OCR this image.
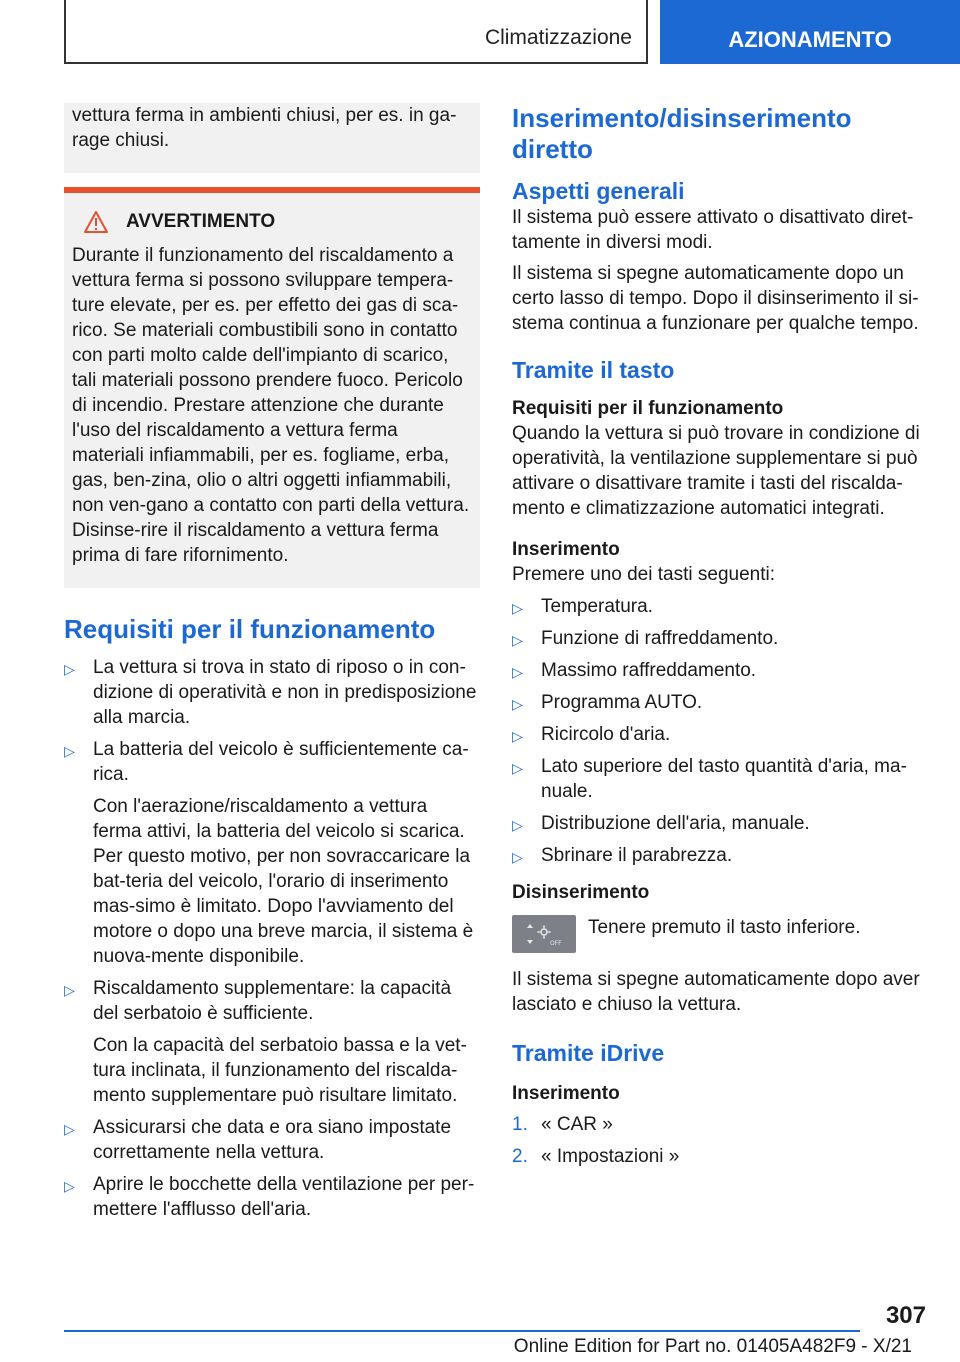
Climatizzazione	AZIONAMENTO

vettura ferma in ambienti chiusi, per es. in ga-rage chiusi.

AVVERTIMENTO

Durante il funzionamento del riscaldamento a vettura ferma si possono sviluppare tempera-ture elevate, per es. per effetto dei gas di sca-rico. Se materiali combustibili sono in contatto con parti molto calde dell'impianto di scarico, tali materiali possono prendere fuoco. Pericolo di incendio. Prestare attenzione che durante l'uso del riscaldamento a vettura ferma materiali infiammabili, per es. fogliame, erba, gas, ben-zina, olio o altri oggetti infiammabili, non ven-gano a contatto con parti della vettura. Disinse-rire il riscaldamento a vettura ferma prima di fare rifornimento.

Requisiti per il funzionamento
▷ La vettura si trova in stato di riposo o in con-dizione di operatività e non in predisposizione alla marcia.

▷ La batteria del veicolo è sufficientemente ca-rica.

Con l'aerazione/riscaldamento a vettura ferma attivi, la batteria del veicolo si scarica. Per questo motivo, per non sovraccaricare la bat-teria del veicolo, l'orario di inserimento mas-simo è limitato. Dopo l'avviamento del motore o dopo una breve marcia, il sistema è nuova-mente disponibile.

▷ Riscaldamento supplementare: la capacità del serbatoio è sufficiente.

Con la capacità del serbatoio bassa e la vet-tura inclinata, il funzionamento del riscalda-mento supplementare può risultare limitato.

▷ Assicurarsi che data e ora siano impostate correttamente nella vettura.

▷ Aprire le bocchette della ventilazione per per-mettere l'afflusso dell'aria.

Inserimento/disinserimento diretto
Aspetti generali

Il sistema può essere attivato o disattivato diret-tamente in diversi modi.

Il sistema si spegne automaticamente dopo un certo lasso di tempo. Dopo il disinserimento il si-stema continua a funzionare per qualche tempo.

Tramite il tasto
Requisiti per il funzionamento

Quando la vettura si può trovare in condizione di operatività, la ventilazione supplementare si può attivare o disattivare tramite i tasti del riscalda-mento e climatizzazione automatici integrati.

Inserimento

Premere uno dei tasti seguenti:

▷ Temperatura.

▷ Funzione di raffreddamento.

▷ Massimo raffreddamento.

▷ Programma AUTO.

▷ Ricircolo d'aria.

▷ Lato superiore del tasto quantità d'aria, ma-nuale.

▷ Distribuzione dell'aria, manuale.

▷ Sbrinare il parabrezza.

Disinserimento
OFF

Tenere premuto il tasto inferiore.

Il sistema si spegne automaticamente dopo aver lasciato e chiuso la vettura.

Tramite iDrive
Inserimento
1. « CAR »

2. « Impostazioni »

307
Online Edition for Part no. 01405A482F9 - X/21
